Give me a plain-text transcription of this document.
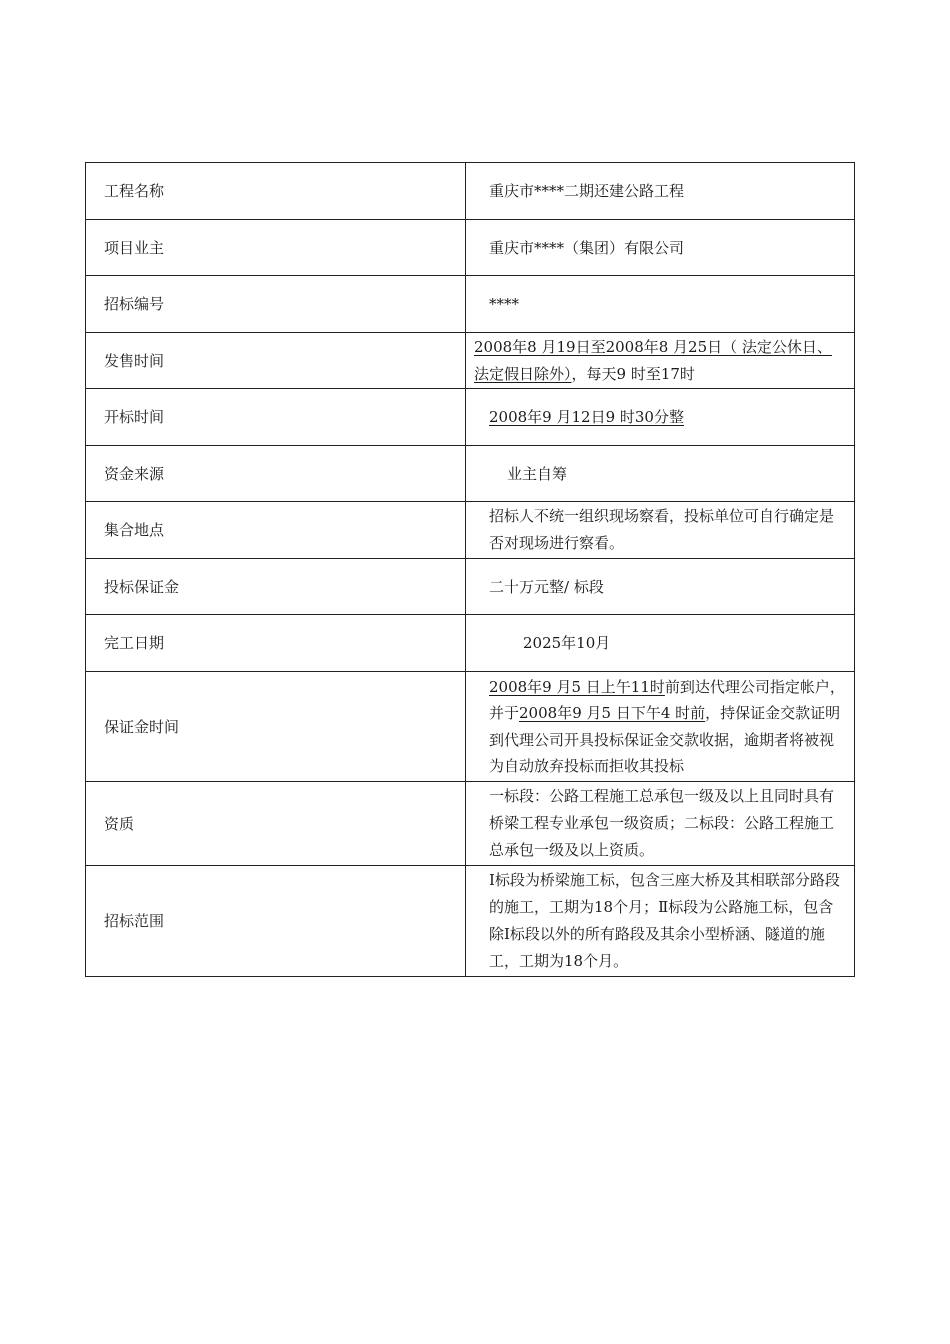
工程名称	重庆市****二期还建公路工程
项目业主	重庆市****（集团）有限公司
招标编号	****
发售时间	2008年8 月19日至2008年8 月25日（ 法定公休日、法定假日除外），每天9 时至17时
开标时间	2008年9 月12日9 时30分整
资金来源	业主自筹
集合地点	招标人不统一组织现场察看，投标单位可自行确定是否对现场进行察看。
投标保证金	二十万元整/ 标段
完工日期	2025年10月
保证金时间	2008年9 月5 日上午11时前到达代理公司指定帐户，并于2008年9 月5 日下午4 时前，持保证金交款证明到代理公司开具投标保证金交款收据，逾期者将被视为自动放弃投标而拒收其投标
资质	一标段：公路工程施工总承包一级及以上且同时具有桥梁工程专业承包一级资质；二标段：公路工程施工总承包一级及以上资质。
招标范围	Ⅰ标段为桥梁施工标，包含三座大桥及其相联部分路段的施工，工期为18个月；Ⅱ标段为公路施工标，包含除Ⅰ标段以外的所有路段及其余小型桥涵、隧道的施工，工期为18个月。
